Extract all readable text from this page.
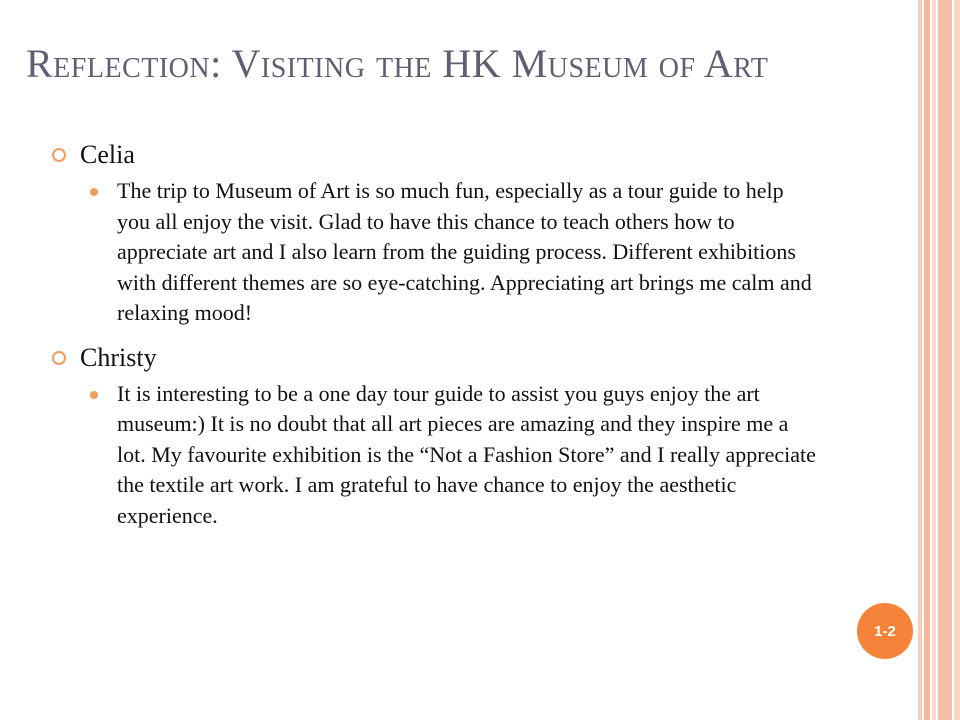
Reflection: Visiting the HK Museum of Art
Celia
The trip to Museum of Art is so much fun, especially as a tour guide to help you all enjoy the visit. Glad to have this chance to teach others how to appreciate art and I also learn from the guiding process. Different exhibitions with different themes are so eye-catching. Appreciating art brings me calm and relaxing mood!
Christy
It is interesting to be a one day tour guide to assist you guys enjoy the art museum:) It is no doubt that all art pieces are amazing and they inspire me a lot. My favourite exhibition is the “Not a Fashion Store” and I really appreciate the textile art work. I am grateful to have chance to enjoy the aesthetic experience.
1-2
